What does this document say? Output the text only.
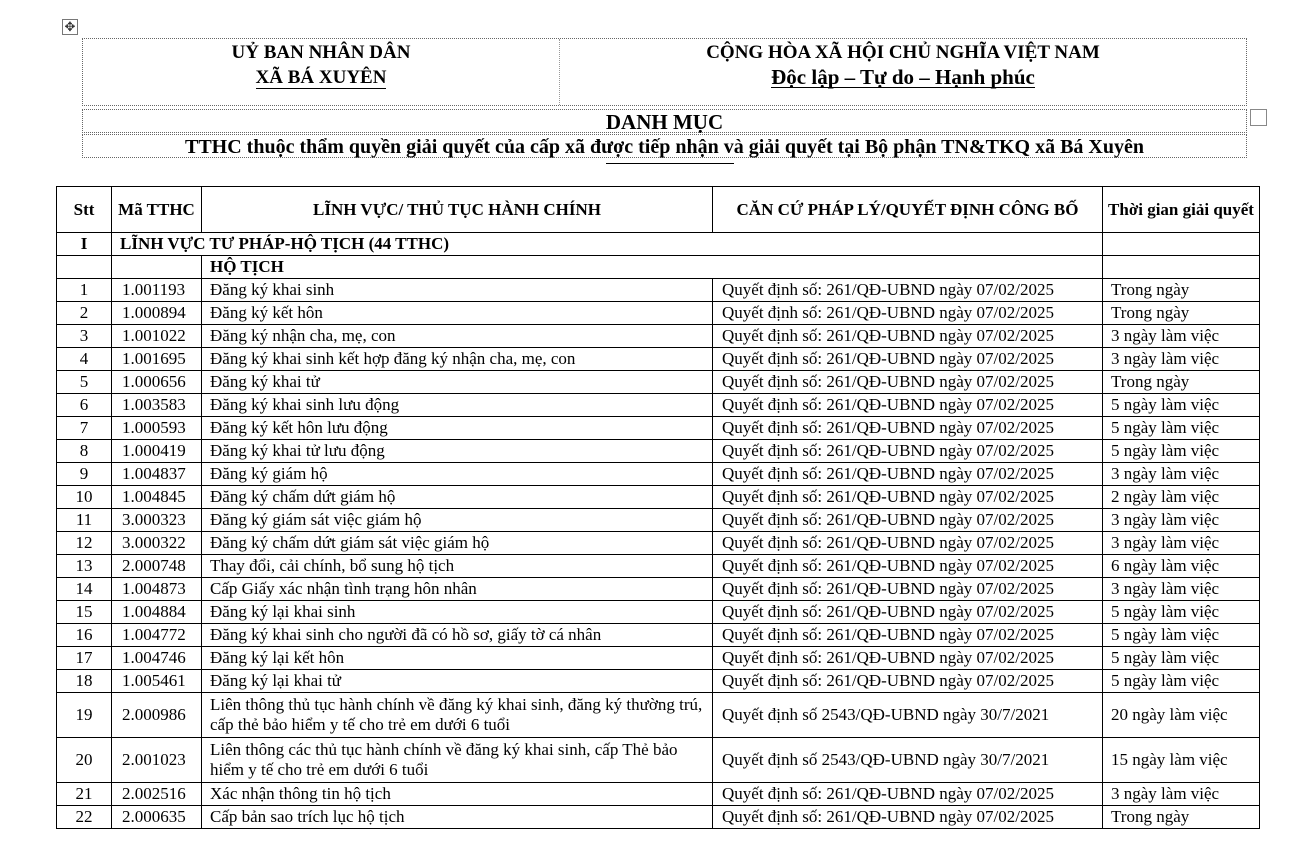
✥
UỶ BAN NHÂN DÂN
XÃ BÁ XUYÊN
CỘNG HÒA XÃ HỘI CHỦ NGHĨA VIỆT NAM
Độc lập – Tự do – Hạnh phúc
DANH MỤC
TTHC thuộc thẩm quyền giải quyết của cấp xã được tiếp nhận và giải quyết tại Bộ phận TN&TKQ xã Bá Xuyên
Stt	Mã TTHC	LĨNH VỰC/ THỦ TỤC HÀNH CHÍNH	CĂN CỨ PHÁP LÝ/QUYẾT ĐỊNH CÔNG BỐ	Thời gian giải quyết
I	LĨNH VỰC TƯ PHÁP-HỘ TỊCH (44 TTHC)			
		HỘ TỊCH		
1	1.001193	Đăng ký khai sinh	Quyết định số: 261/QĐ-UBND ngày 07/02/2025	Trong ngày
2	1.000894	Đăng ký kết hôn	Quyết định số: 261/QĐ-UBND ngày 07/02/2025	Trong ngày
3	1.001022	Đăng ký nhận cha, mẹ, con	Quyết định số: 261/QĐ-UBND ngày 07/02/2025	3 ngày làm việc
4	1.001695	Đăng ký khai sinh kết hợp đăng ký nhận cha, mẹ, con	Quyết định số: 261/QĐ-UBND ngày 07/02/2025	3 ngày làm việc
5	1.000656	Đăng ký khai tử	Quyết định số: 261/QĐ-UBND ngày 07/02/2025	Trong ngày
6	1.003583	Đăng ký khai sinh lưu động	Quyết định số: 261/QĐ-UBND ngày 07/02/2025	5 ngày làm việc
7	1.000593	Đăng ký kết hôn lưu động	Quyết định số: 261/QĐ-UBND ngày 07/02/2025	5 ngày làm việc
8	1.000419	Đăng ký khai tử lưu động	Quyết định số: 261/QĐ-UBND ngày 07/02/2025	5 ngày làm việc
9	1.004837	Đăng ký giám hộ	Quyết định số: 261/QĐ-UBND ngày 07/02/2025	3 ngày làm việc
10	1.004845	Đăng ký chấm dứt giám hộ	Quyết định số: 261/QĐ-UBND ngày 07/02/2025	2 ngày làm việc
11	3.000323	Đăng ký giám sát việc giám hộ	Quyết định số: 261/QĐ-UBND ngày 07/02/2025	3 ngày làm việc
12	3.000322	Đăng ký chấm dứt giám sát việc giám hộ	Quyết định số: 261/QĐ-UBND ngày 07/02/2025	3 ngày làm việc
13	2.000748	Thay đổi, cải chính, bổ sung hộ tịch	Quyết định số: 261/QĐ-UBND ngày 07/02/2025	6 ngày làm việc
14	1.004873	Cấp Giấy xác nhận tình trạng hôn nhân	Quyết định số: 261/QĐ-UBND ngày 07/02/2025	3 ngày làm việc
15	1.004884	Đăng ký lại khai sinh	Quyết định số: 261/QĐ-UBND ngày 07/02/2025	5 ngày làm việc
16	1.004772	Đăng ký khai sinh cho người đã có hồ sơ, giấy tờ cá nhân	Quyết định số: 261/QĐ-UBND ngày 07/02/2025	5 ngày làm việc
17	1.004746	Đăng ký lại kết hôn	Quyết định số: 261/QĐ-UBND ngày 07/02/2025	5 ngày làm việc
18	1.005461	Đăng ký lại khai tử	Quyết định số: 261/QĐ-UBND ngày 07/02/2025	5 ngày làm việc
19	2.000986	Liên thông thủ tục hành chính về đăng ký khai sinh, đăng ký thường trú, cấp thẻ bảo hiểm y tế cho trẻ em dưới 6 tuổi	Quyết định số 2543/QĐ-UBND ngày 30/7/2021	20 ngày làm việc
20	2.001023	Liên thông các thủ tục hành chính về đăng ký khai sinh, cấp Thẻ bảo hiểm y tế cho trẻ em dưới 6 tuổi	Quyết định số 2543/QĐ-UBND ngày 30/7/2021	15 ngày làm việc
21	2.002516	Xác nhận thông tin hộ tịch	Quyết định số: 261/QĐ-UBND ngày 07/02/2025	3 ngày làm việc
22	2.000635	Cấp bản sao trích lục hộ tịch	Quyết định số: 261/QĐ-UBND ngày 07/02/2025	Trong ngày
